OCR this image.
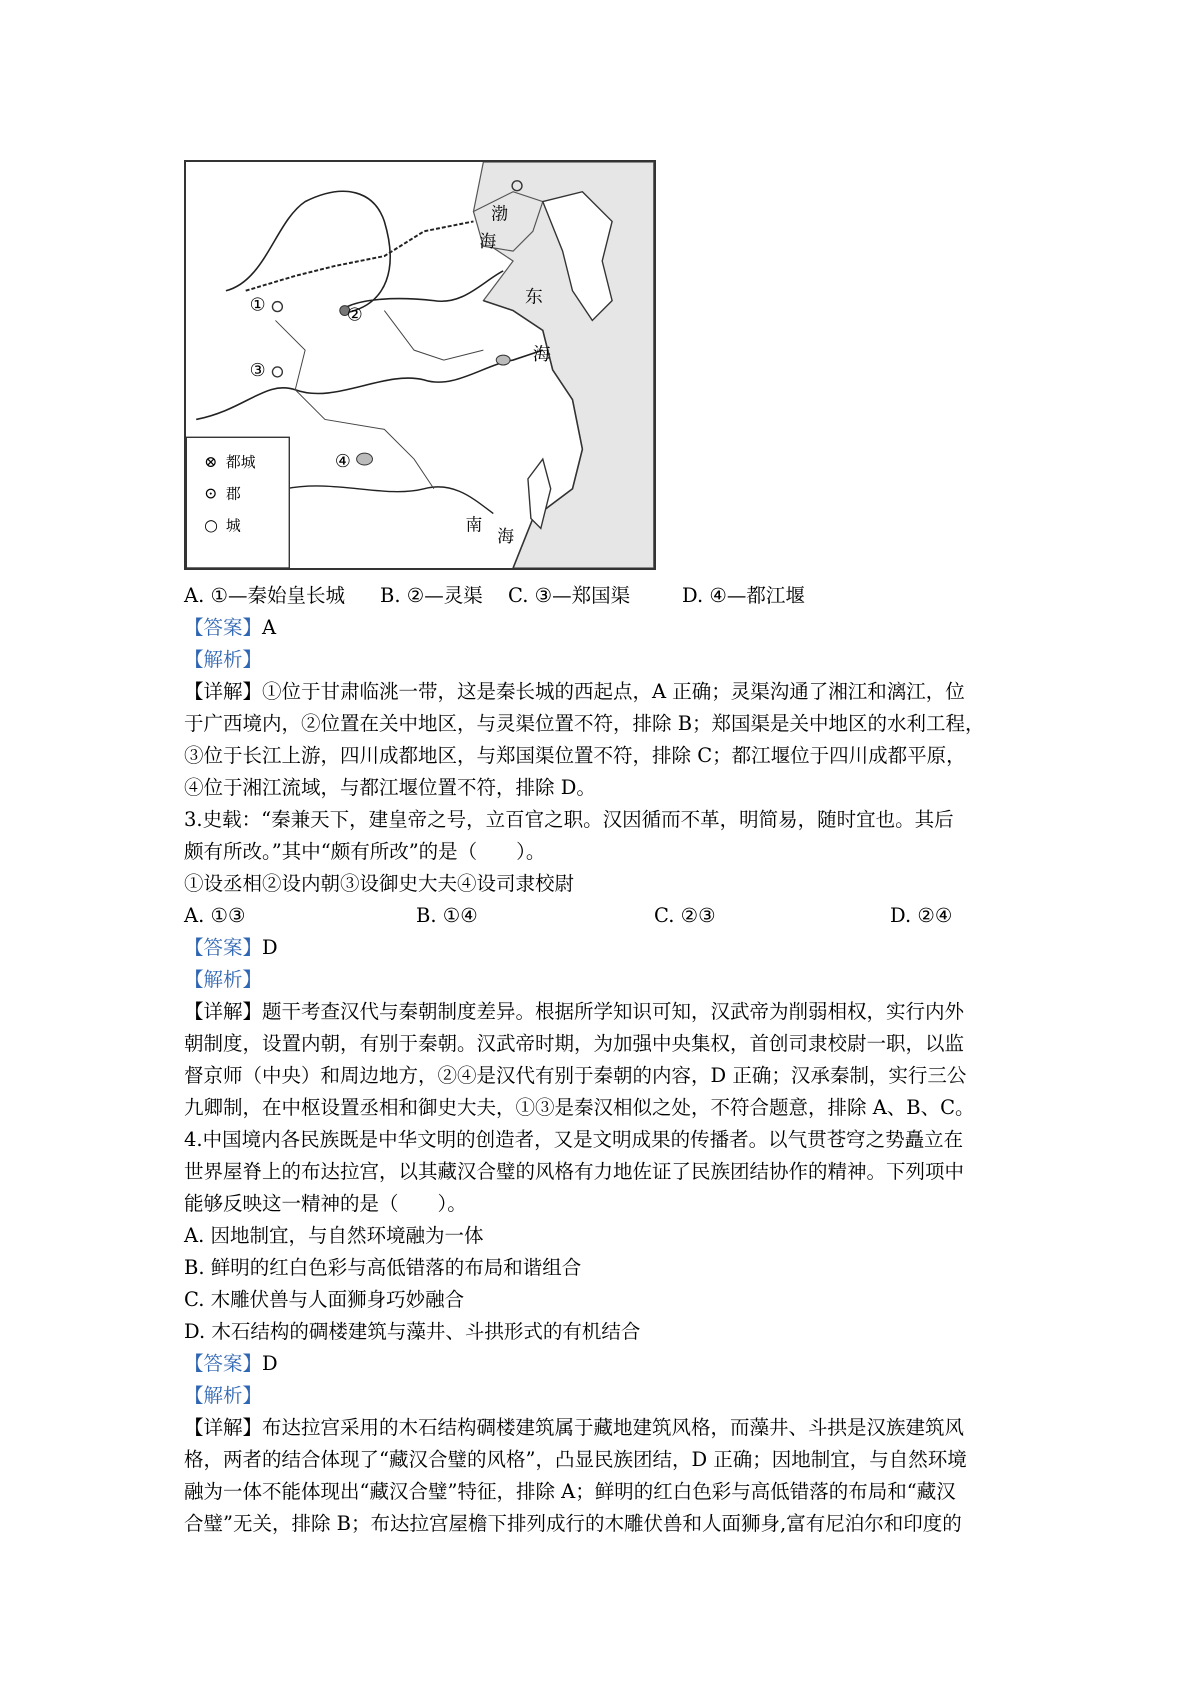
①	②
③
④
渤
海
东
海
南
海
⊗ 都城
⊙ 郡
○ 城
A. ①—秦始皇长城	B. ②—灵渠	C. ③—郑国渠	D. ④—都江堰
【答案】A
【解析】
【详解】①位于甘肃临洮一带，这是秦长城的西起点，A 正确；灵渠沟通了湘江和漓江，位
于广西境内，②位置在关中地区，与灵渠位置不符，排除 B；郑国渠是关中地区的水利工程，
③位于长江上游，四川成都地区，与郑国渠位置不符，排除 C；都江堰位于四川成都平原，
④位于湘江流域，与都江堰位置不符，排除 D。
3.史载：“秦兼天下，建皇帝之号，立百官之职。汉因循而不革，明简易，随时宜也。其后
颇有所改。”其中“颇有所改”的是（　　）。
①设丞相②设内朝③设御史大夫④设司隶校尉
A. ①③	B. ①④	C. ②③	D. ②④
【答案】D
【解析】
【详解】题干考查汉代与秦朝制度差异。根据所学知识可知，汉武帝为削弱相权，实行内外
朝制度，设置内朝，有别于秦朝。汉武帝时期，为加强中央集权，首创司隶校尉一职，以监
督京师（中央）和周边地方，②④是汉代有别于秦朝的内容，D 正确；汉承秦制，实行三公
九卿制，在中枢设置丞相和御史大夫，①③是秦汉相似之处，不符合题意，排除 A、B、C。
4.中国境内各民族既是中华文明的创造者，又是文明成果的传播者。以气贯苍穹之势矗立在
世界屋脊上的布达拉宫，以其藏汉合璧的风格有力地佐证了民族团结协作的精神。下列项中
能够反映这一精神的是（　　）。
A. 因地制宜，与自然环境融为一体
B. 鲜明的红白色彩与高低错落的布局和谐组合
C. 木雕伏兽与人面狮身巧妙融合
D. 木石结构的碉楼建筑与藻井、斗拱形式的有机结合
【答案】D
【解析】
【详解】布达拉宫采用的木石结构碉楼建筑属于藏地建筑风格，而藻井、斗拱是汉族建筑风
格，两者的结合体现了“藏汉合璧的风格”，凸显民族团结，D 正确；因地制宜，与自然环境
融为一体不能体现出“藏汉合璧”特征，排除 A；鲜明的红白色彩与高低错落的布局和“藏汉
合璧”无关，排除 B；布达拉宫屋檐下排列成行的木雕伏兽和人面狮身,富有尼泊尔和印度的
